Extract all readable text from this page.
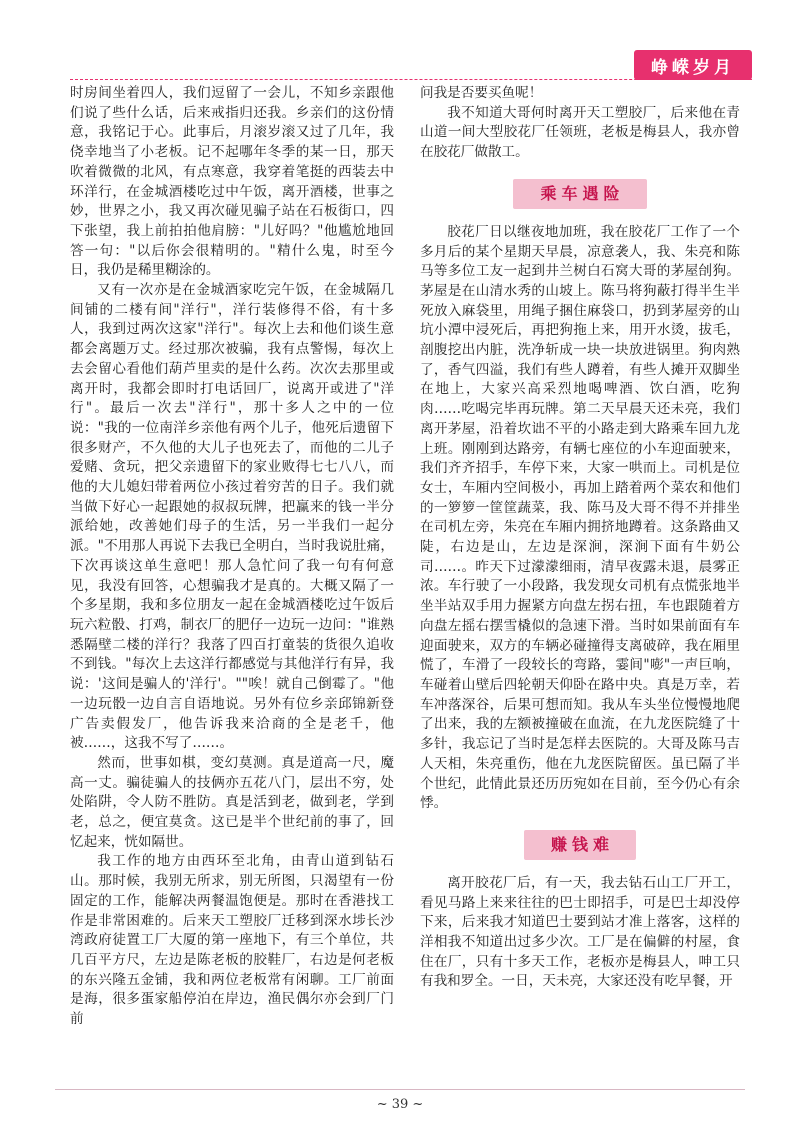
峥嵘岁月

时房间坐着四人，我们逗留了一会儿，不知乡亲跟他们说了些什么话，后来戒指归还我。乡亲们的这份情意，我铭记于心。此事后，月滚岁滚又过了几年，我侥幸地当了小老板。记不起哪年冬季的某一日，那天吹着微微的北风，有点寒意，我穿着笔挺的西装去中环洋行，在金城酒楼吃过中午饭，离开酒楼，世事之妙，世界之小，我又再次碰见骗子站在石板街口，四下张望，我上前拍拍他肩膀："儿好吗？"他尴尬地回答一句："以后你会很精明的。"精什么鬼，时至今日，我仍是稀里糊涂的。

又有一次亦是在金城酒家吃完午饭，在金城隔几间铺的二楼有间"洋行"，洋行装修得不俗，有十多人，我到过两次这家"洋行"。每次上去和他们谈生意都会离题万丈。经过那次被骗，我有点警惕，每次上去会留心看他们葫芦里卖的是什么药。次次去那里或离开时，我都会即时打电话回厂，说离开或进了"洋行"。最后一次去"洋行"，那十多人之中的一位说："我的一位南洋乡亲他有两个儿子，他死后遗留下很多财产，不久他的大儿子也死去了，而他的二儿子爱赌、贪玩，把父亲遗留下的家业败得七七八八，而他的大儿媳妇带着两位小孩过着穷苦的日子。我们就当做下好心一起跟她的叔叔玩牌，把赢来的钱一半分派给她，改善她们母子的生活，另一半我们一起分派。"不用那人再说下去我已全明白，当时我说肚痛，下次再谈这单生意吧！那人急忙问了我一句有何意见，我没有回答，心想骗我才是真的。大概又隔了一个多星期，我和多位朋友一起在金城酒楼吃过午饭后玩六粒骰、打鸡，制衣厂的肥仔一边玩一边问："谁熟悉隔壁二楼的洋行？我落了四百打童装的货很久追收不到钱。"每次上去这洋行都感觉与其他洋行有异，我说：'这间是骗人的'洋行'。""唉！就自己倒霉了。"他一边玩骰一边自言自语地说。另外有位乡亲邱锦新登广告卖假发厂，他告诉我来洽商的全是老千，他被……，这我不写了……。

然而，世事如棋，变幻莫测。真是道高一尺，魔高一丈。骗徒骗人的技俩亦五花八门，层出不穷，处处陷阱，令人防不胜防。真是活到老，做到老，学到老，总之，便宜莫贪。这已是半个世纪前的事了，回忆起来，恍如隔世。

我工作的地方由西环至北角，由青山道到钻石山。那时候，我别无所求，别无所图，只渴望有一份固定的工作，能解决两餐温饱便是。那时在香港找工作是非常困难的。后来天工塑胶厂迁移到深水埗长沙湾政府徒置工厂大厦的第一座地下，有三个单位，共几百平方尺，左边是陈老板的胶鞋厂，右边是何老板的东兴隆五金铺，我和两位老板常有闲聊。工厂前面是海，很多蛋家船停泊在岸边，渔民偶尔亦会到厂门前

问我是否要买鱼呢！

我不知道大哥何时离开天工塑胶厂，后来他在青山道一间大型胶花厂任领班，老板是梅县人，我亦曾在胶花厂做散工。

乘车遇险

胶花厂日以继夜地加班，我在胶花厂工作了一个多月后的某个星期天早晨，凉意袭人，我、朱亮和陈马等多位工友一起到井兰树白石窝大哥的茅屋刣狗。茅屋是在山清水秀的山坡上。陈马将狗蔽打得半生半死放入麻袋里，用绳子捆住麻袋口，扔到茅屋旁的山坑小潭中浸死后，再把狗拖上来，用开水烫，拔毛，剖腹挖出内脏，洗净斩成一块一块放进锅里。狗肉熟了，香气四溢，我们有些人蹲着，有些人摊开双脚坐在地上，大家兴高采烈地喝啤酒、饮白酒，吃狗肉……吃喝完毕再玩牌。第二天早晨天还未亮，我们离开茅屋，沿着坎诎不平的小路走到大路乘车回九龙上班。刚刚到达路旁，有辆七座位的小车迎面驶来，我们齐齐招手，车停下来，大家一哄而上。司机是位女士，车厢内空间极小，再加上踏着两个菜农和他们的一箩箩一筐筐蔬菜，我、陈马及大哥不得不并排坐在司机左旁，朱亮在车厢内拥挤地蹲着。这条路曲又陡，右边是山，左边是深涧，深涧下面有牛奶公司……。昨天下过濛濛细雨，清早夜露未退，晨雾正浓。车行驶了一小段路，我发现女司机有点慌张地半坐半站双手用力握紧方向盘左拐右扭，车也跟随着方向盘左摇右摆雪橇似的急速下滑。当时如果前面有车迎面驶来，双方的车辆必碰撞得支离破碎，我在厢里慌了，车滑了一段较长的弯路，霎间"嘭"一声巨响，车碰着山壁后四轮朝天仰卧在路中央。真是万幸，若车冲落深谷，后果可想而知。我从车头坐位慢慢地爬了出来，我的左额被撞破在血流，在九龙医院缝了十多针，我忘记了当时是怎样去医院的。大哥及陈马吉人天相，朱亮重伤，他在九龙医院留医。虽已隔了半个世纪，此情此景还历历宛如在目前，至今仍心有余悸。

赚钱难

离开胶花厂后，有一天，我去钻石山工厂开工，看见马路上来来往往的巴士即招手，可是巴士却没停下来，后来我才知道巴士要到站才准上落客，这样的洋相我不知道出过多少次。工厂是在偏僻的村屋，食住在厂，只有十多天工作，老板亦是梅县人，呻工只有我和罗全。一日，天未亮，大家还没有吃早餐，开

~ 39 ~
